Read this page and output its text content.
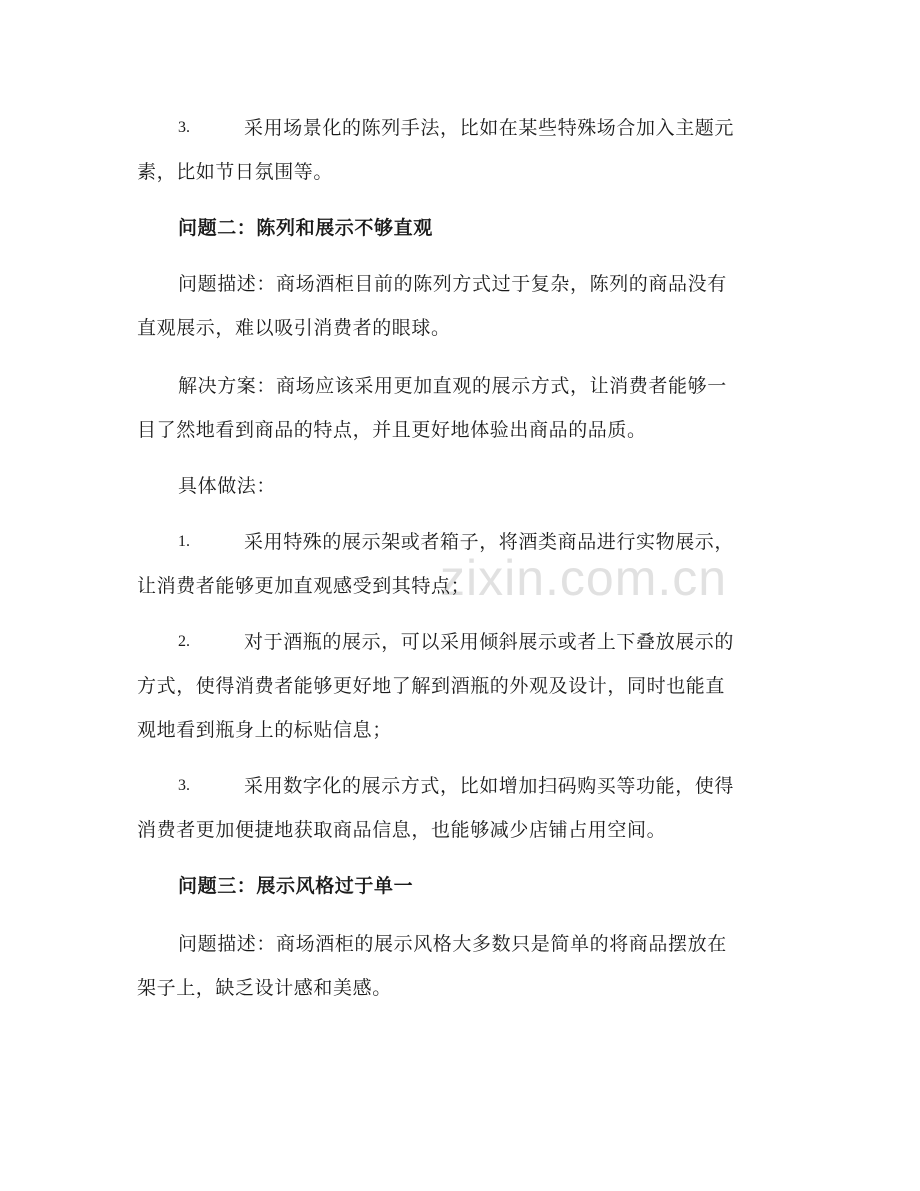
zixin.com.cn
3.	采用场景化的陈列手法，比如在某些特殊场合加入主题元
素，比如节日氛围等。
问题二：陈列和展示不够直观
问题描述：商场酒柜目前的陈列方式过于复杂，陈列的商品没有
直观展示，难以吸引消费者的眼球。
解决方案：商场应该采用更加直观的展示方式，让消费者能够一
目了然地看到商品的特点，并且更好地体验出商品的品质。
具体做法：
1.	采用特殊的展示架或者箱子，将酒类商品进行实物展示，
让消费者能够更加直观感受到其特点；
2.	对于酒瓶的展示，可以采用倾斜展示或者上下叠放展示的
方式，使得消费者能够更好地了解到酒瓶的外观及设计，同时也能直
观地看到瓶身上的标贴信息；
3.	采用数字化的展示方式，比如增加扫码购买等功能，使得
消费者更加便捷地获取商品信息，也能够减少店铺占用空间。
问题三：展示风格过于单一
问题描述：商场酒柜的展示风格大多数只是简单的将商品摆放在
架子上，缺乏设计感和美感。
